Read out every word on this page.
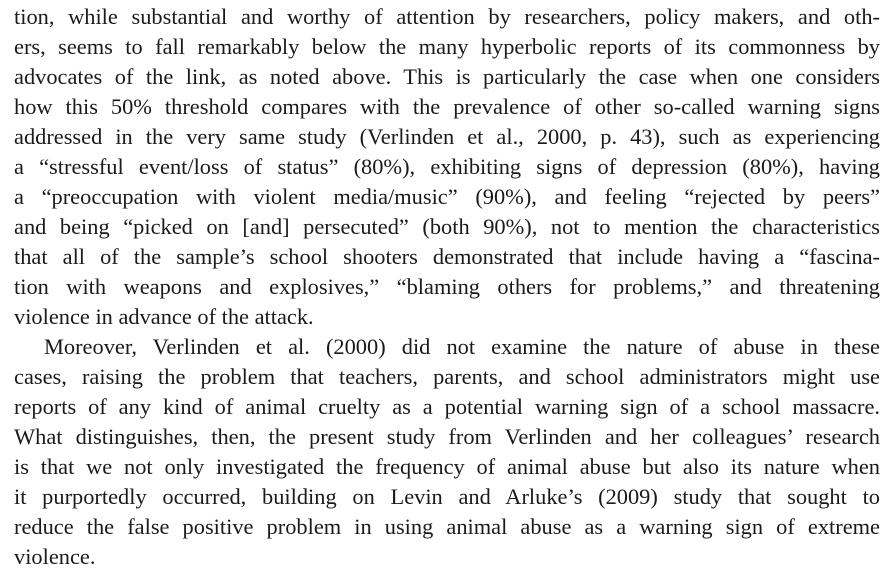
tion, while substantial and worthy of attention by researchers, policy makers, and oth-
ers, seems to fall remarkably below the many hyperbolic reports of its commonness by
advocates of the link, as noted above. This is particularly the case when one considers
how this 50% threshold compares with the prevalence of other so-called warning signs
addressed in the very same study (Verlinden et al., 2000, p. 43), such as experiencing
a “stressful event/loss of status” (80%), exhibiting signs of depression (80%), having
a “preoccupation with violent media/music” (90%), and feeling “rejected by peers”
and being “picked on [and] persecuted” (both 90%), not to mention the characteristics
that all of the sample’s school shooters demonstrated that include having a “fascina-
tion with weapons and explosives,” “blaming others for problems,” and threatening
violence in advance of the attack.
Moreover, Verlinden et al. (2000) did not examine the nature of abuse in these
cases, raising the problem that teachers, parents, and school administrators might use
reports of any kind of animal cruelty as a potential warning sign of a school massacre.
What distinguishes, then, the present study from Verlinden and her colleagues’ research
is that we not only investigated the frequency of animal abuse but also its nature when
it purportedly occurred, building on Levin and Arluke’s (2009) study that sought to
reduce the false positive problem in using animal abuse as a warning sign of extreme
violence.
